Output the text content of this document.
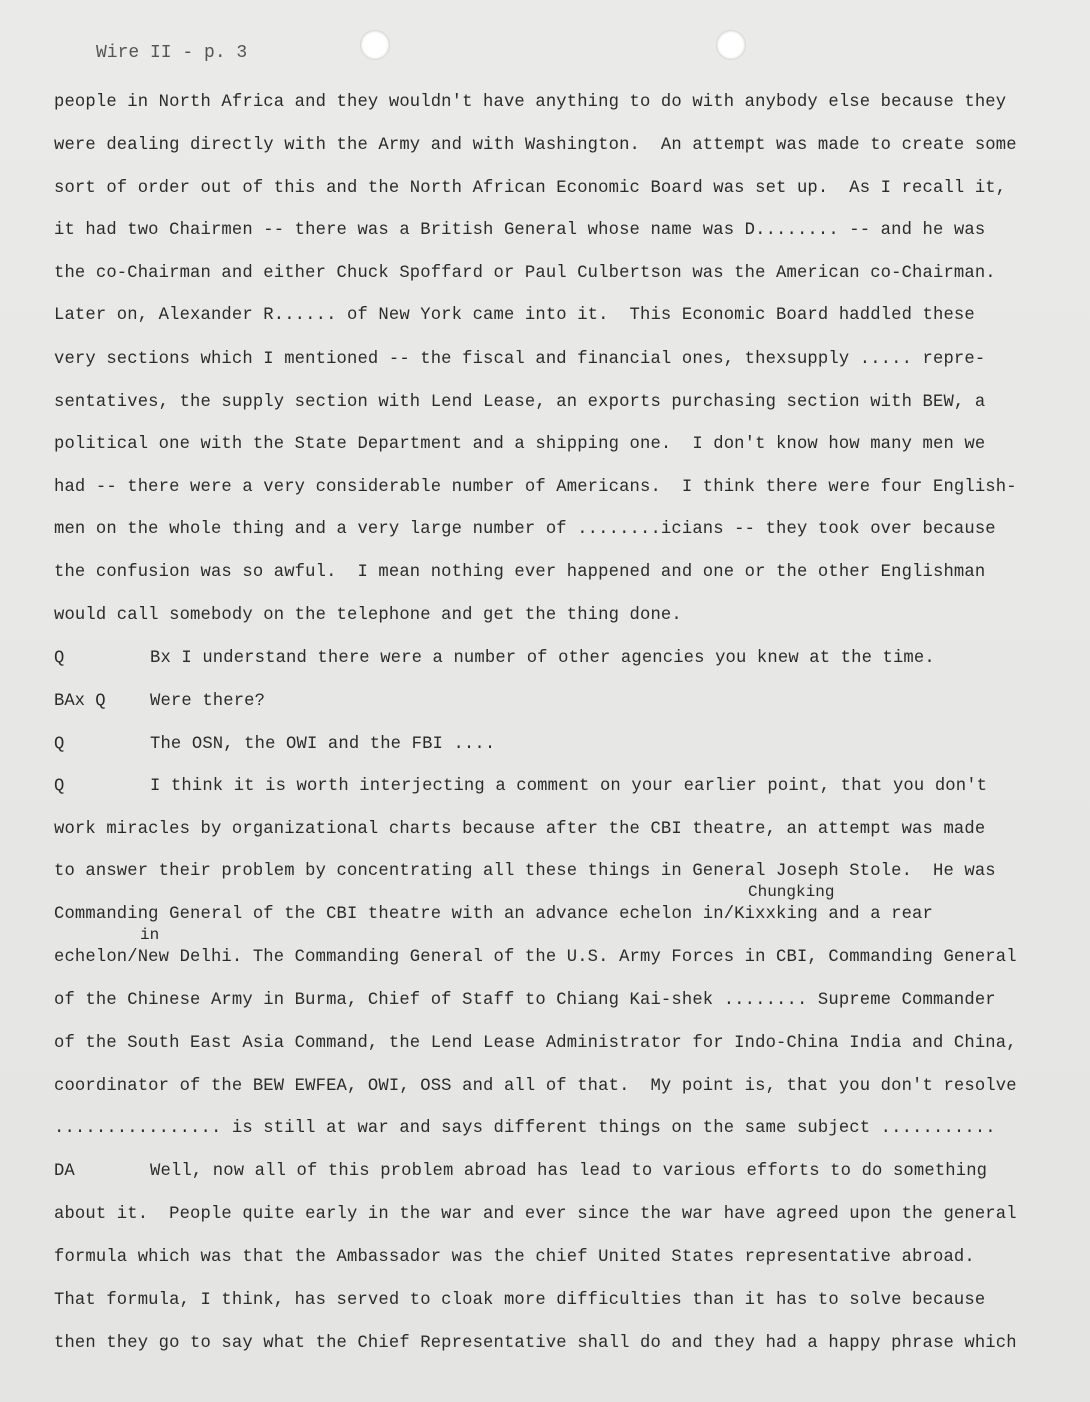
Wire II - p. 3
people in North Africa and they wouldn't have anything to do with anybody else because they
were dealing directly with the Army and with Washington.  An attempt was made to create some
sort of order out of this and the North African Economic Board was set up.  As I recall it,
it had two Chairmen -- there was a British General whose name was D........ -- and he was
the co-Chairman and either Chuck Spoffard or Paul Culbertson was the American co-Chairman.
Later on, Alexander R...... of New York came into it.  This Economic Board haddled these
very sections which I mentioned -- the fiscal and financial ones, thexsupply ..... repre-
sentatives, the supply section with Lend Lease, an exports purchasing section with BEW, a
political one with the State Department and a shipping one.  I don't know how many men we
had -- there were a very considerable number of Americans.  I think there were four English-
men on the whole thing and a very large number of ........icians -- they took over because
the confusion was so awful.  I mean nothing ever happened and one or the other Englishman
would call somebody on the telephone and get the thing done.
Q	Bx I understand there were a number of other agencies you knew at the time.
BAx Q	Were there?
Q	The OSN, the OWI and the FBI ....
Q	I think it is worth interjecting a comment on your earlier point, that you don't
work miracles by organizational charts because after the CBI theatre, an attempt was made
to answer their problem by concentrating all these things in General Joseph Stole.  He was
Chungking
Commanding General of the CBI theatre with an advance echelon in/Kixxking and a rear
in
echelon/New Delhi. The Commanding General of the U.S. Army Forces in CBI, Commanding General
of the Chinese Army in Burma, Chief of Staff to Chiang Kai-shek ........ Supreme Commander
of the South East Asia Command, the Lend Lease Administrator for Indo-China India and China,
coordinator of the BEW EWFEA, OWI, OSS and all of that.  My point is, that you don't resolve
................ is still at war and says different things on the same subject ...........
DA	Well, now all of this problem abroad has lead to various efforts to do something
about it.  People quite early in the war and ever since the war have agreed upon the general
formula which was that the Ambassador was the chief United States representative abroad.
That formula, I think, has served to cloak more difficulties than it has to solve because
then they go to say what the Chief Representative shall do and they had a happy phrase which
